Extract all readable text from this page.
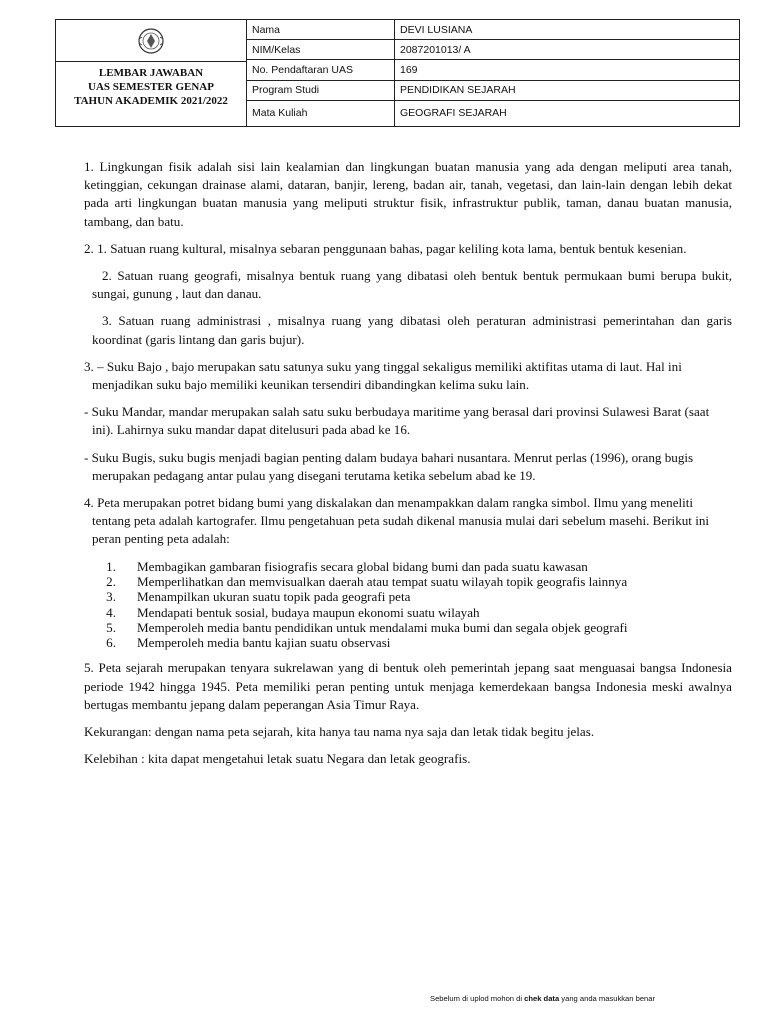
LEMBAR JAWABAN
UAS SEMESTER GENAP
TAHUN AKADEMIK 2021/2022	Nama	DEVI LUSIANA
	NIM/Kelas	2087201013/ A
	No. Pendaftaran UAS	169
	Program Studi	PENDIDIKAN SEJARAH
	Mata Kuliah	GEOGRAFI SEJARAH

1. Lingkungan fisik adalah sisi lain kealamian dan lingkungan buatan manusia yang ada dengan meliputi area tanah, ketinggian, cekungan drainase alami, dataran, banjir, lereng, badan air, tanah, vegetasi, dan lain-lain dengan lebih dekat pada arti lingkungan buatan manusia yang meliputi struktur fisik, infrastruktur publik, taman, danau buatan manusia, tambang, dan batu.

2. 1. Satuan ruang kultural, misalnya sebaran penggunaan bahas, pagar keliling kota lama, bentuk bentuk kesenian.

2. Satuan ruang geografi, misalnya bentuk ruang yang dibatasi oleh bentuk bentuk permukaan bumi berupa bukit, sungai, gunung , laut dan danau.

3. Satuan ruang administrasi , misalnya ruang yang dibatasi oleh peraturan administrasi pemerintahan dan garis koordinat (garis lintang dan garis bujur).

3. – Suku Bajo , bajo merupakan satu satunya suku yang tinggal sekaligus memiliki aktifitas utama di laut. Hal ini menjadikan suku bajo memiliki keunikan tersendiri dibandingkan kelima suku lain.

- Suku Mandar, mandar merupakan salah satu suku berbudaya maritime yang berasal dari provinsi Sulawesi Barat (saat ini). Lahirnya suku mandar dapat ditelusuri pada abad ke 16.

- Suku Bugis, suku bugis menjadi bagian penting dalam budaya bahari nusantara. Menrut perlas (1996), orang bugis merupakan pedagang antar pulau yang disegani terutama ketika sebelum abad ke 19.

4. Peta merupakan potret bidang bumi yang diskalakan dan menampakkan dalam rangka simbol. Ilmu yang meneliti tentang peta adalah kartografer. Ilmu pengetahuan peta sudah dikenal manusia mulai dari sebelum masehi. Berikut ini peran penting peta adalah:

1.	Membagikan gambaran fisiografis secara global bidang bumi dan pada suatu kawasan
2.	Memperlihatkan dan memvisualkan daerah atau tempat suatu wilayah topik geografis lainnya
3.	Menampilkan ukuran suatu topik pada geografi peta
4.	Mendapati bentuk sosial, budaya maupun ekonomi suatu wilayah
5.	Memperoleh media bantu pendidikan untuk mendalami muka bumi dan segala objek geografi
6.	Memperoleh media bantu kajian suatu observasi

5. Peta sejarah merupakan tenyara sukrelawan yang di bentuk oleh pemerintah jepang saat menguasai bangsa Indonesia periode 1942 hingga 1945. Peta memiliki peran penting untuk menjaga kemerdekaan bangsa Indonesia meski awalnya bertugas membantu jepang dalam peperangan Asia Timur Raya.

Kekurangan: dengan nama peta sejarah, kita hanya tau nama nya saja dan letak tidak begitu jelas.

Kelebihan : kita dapat mengetahui letak suatu Negara dan letak geografis.

Sebelum di uplod mohon di chek data yang anda masukkan benar
